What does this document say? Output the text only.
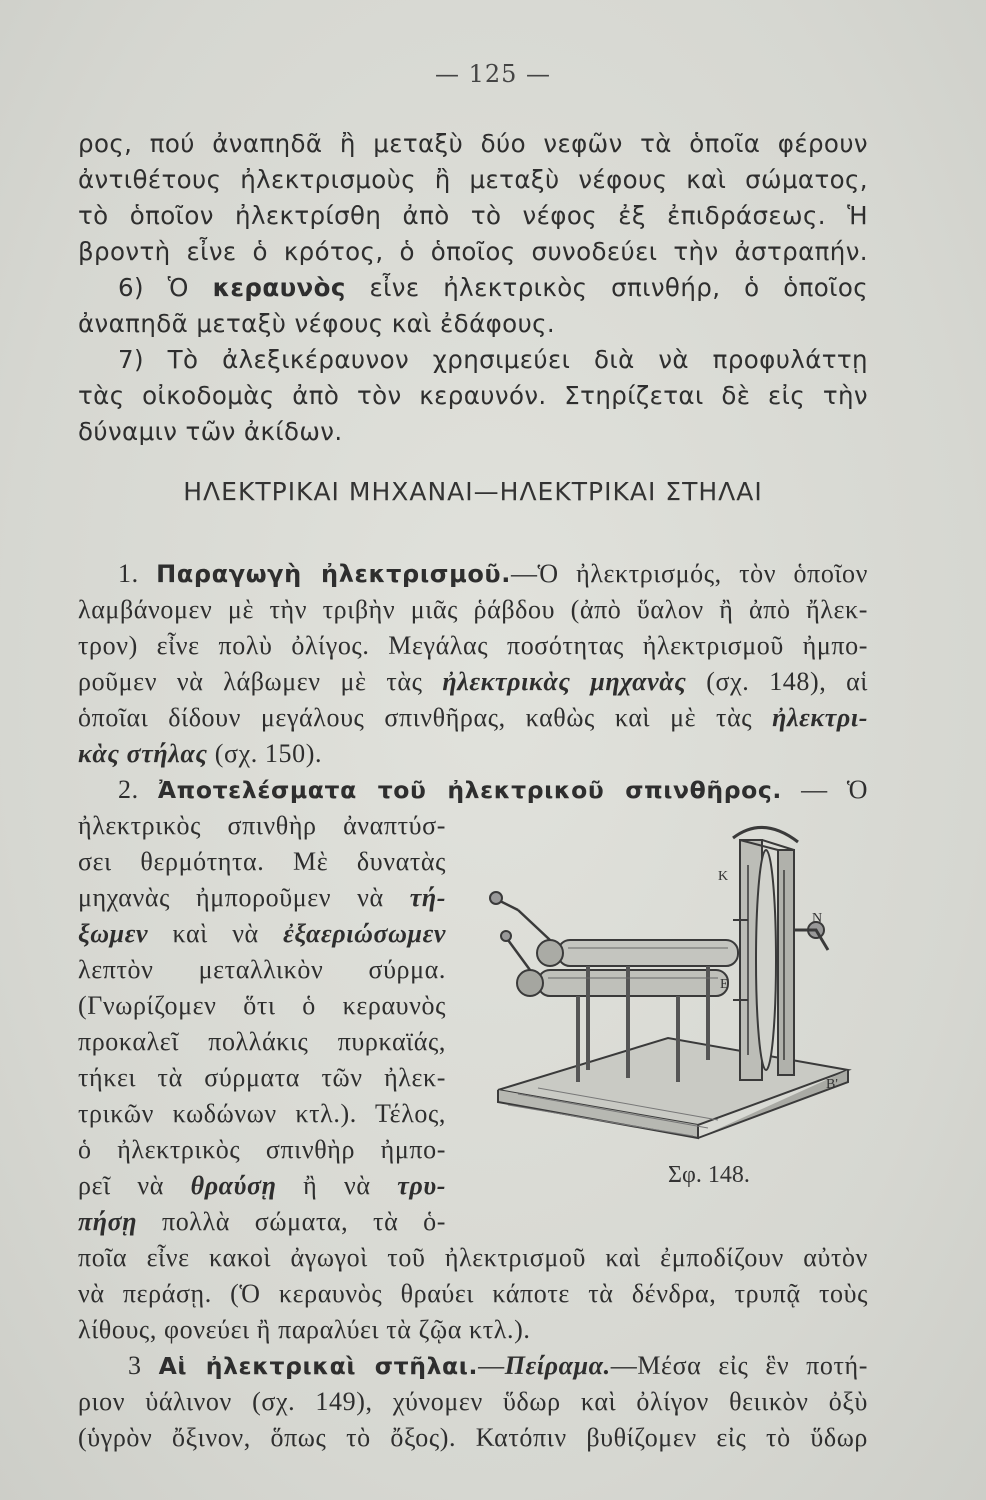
— 125 —
ρος, πού ἀναπηδᾶ ἢ μεταξὺ δύο νεφῶν τὰ ὁποῖα φέρουν
ἀντιθέτους ἠλεκτρισμοὺς ἢ μεταξὺ νέφους καὶ σώματος,
τὸ ὁποῖον ἠλεκτρίσθη ἀπὸ τὸ νέφος ἐξ ἐπιδράσεως. Ἡ
βροντὴ εἶνε ὁ κρότος, ὁ ὁποῖος συνοδεύει τὴν ἀστραπήν.
6) Ὁ κεραυνὸς εἶνε ἠλεκτρικὸς σπινθήρ, ὁ ὁποῖος
ἀναπηδᾶ μεταξὺ νέφους καὶ ἐδάφους.
7) Τὸ ἀλεξικέραυνον χρησιμεύει διὰ νὰ προφυλάττῃ
τὰς οἰκοδομὰς ἀπὸ τὸν κεραυνόν. Στηρίζεται δὲ εἰς τὴν
δύναμιν τῶν ἀκίδων.
ΗΛΕΚΤΡΙΚΑΙ ΜΗΧΑΝΑΙ—ΗΛΕΚΤΡΙΚΑΙ ΣΤΗΛΑΙ
1. Παραγωγὴ ἠλεκτρισμοῦ.—Ὁ ἠλεκτρισμός, τὸν ὁποῖον
λαμβάνομεν μὲ τὴν τριβὴν μιᾶς ῥάβδου (ἀπὸ ὕαλον ἢ ἀπὸ ἤλεκ-
τρον) εἶνε πολὺ ὀλίγος. Μεγάλας ποσότητας ἠλεκτρισμοῦ ἠμπο-
ροῦμεν νὰ λάβωμεν μὲ τὰς ἠλεκτρικὰς μηχανὰς (σχ. 148), αἱ
ὁποῖαι δίδουν μεγάλους σπινθῆρας, καθὼς καὶ μὲ τὰς ἠλεκτρι-
κὰς στήλας (σχ. 150).
2. Ἀποτελέσματα τοῦ ἠλεκτρικοῦ σπινθῆρος. — Ὁ
ἠλεκτρικὸς σπινθὴρ ἀναπτύσ-
σει θερμότητα. Μὲ δυνατὰς
μηχανὰς ἠμποροῦμεν νὰ τή-
ξωμεν καὶ νὰ ἐξαεριώσωμεν
λεπτὸν μεταλλικὸν σύρμα.
(Γνωρίζομεν ὅτι ὁ κεραυνὸς
προκαλεῖ πολλάκις πυρκαϊάς,
τήκει τὰ σύρματα τῶν ἠλεκ-
τρικῶν κωδώνων κτλ.). Τέλος,
ὁ ἠλεκτρικὸς σπινθὴρ ἠμπο-
ρεῖ νὰ θραύσῃ ἢ νὰ τρυ-
πήσῃ πολλὰ σώματα, τὰ ὁ-
ποῖα εἶνε κακοὶ ἀγωγοὶ τοῦ ἠλεκτρισμοῦ καὶ ἐμποδίζουν αὐτὸν
νὰ περάσῃ. (Ὁ κεραυνὸς θραύει κάποτε τὰ δένδρα, τρυπᾷ τοὺς
λίθους, φονεύει ἢ παραλύει τὰ ζῷα κτλ.).
K
E
N
B'
Σφ. 148.
3 Αἱ ἠλεκτρικαὶ στῆλαι.—Πείραμα.—Μέσα εἰς ἓν ποτή-
ριον ὑάλινον (σχ. 149), χύνομεν ὕδωρ καὶ ὀλίγον θειικὸν ὀξὺ
(ὑγρὸν ὄξινον, ὅπως τὸ ὄξος). Κατόπιν βυθίζομεν εἰς τὸ ὕδωρ
